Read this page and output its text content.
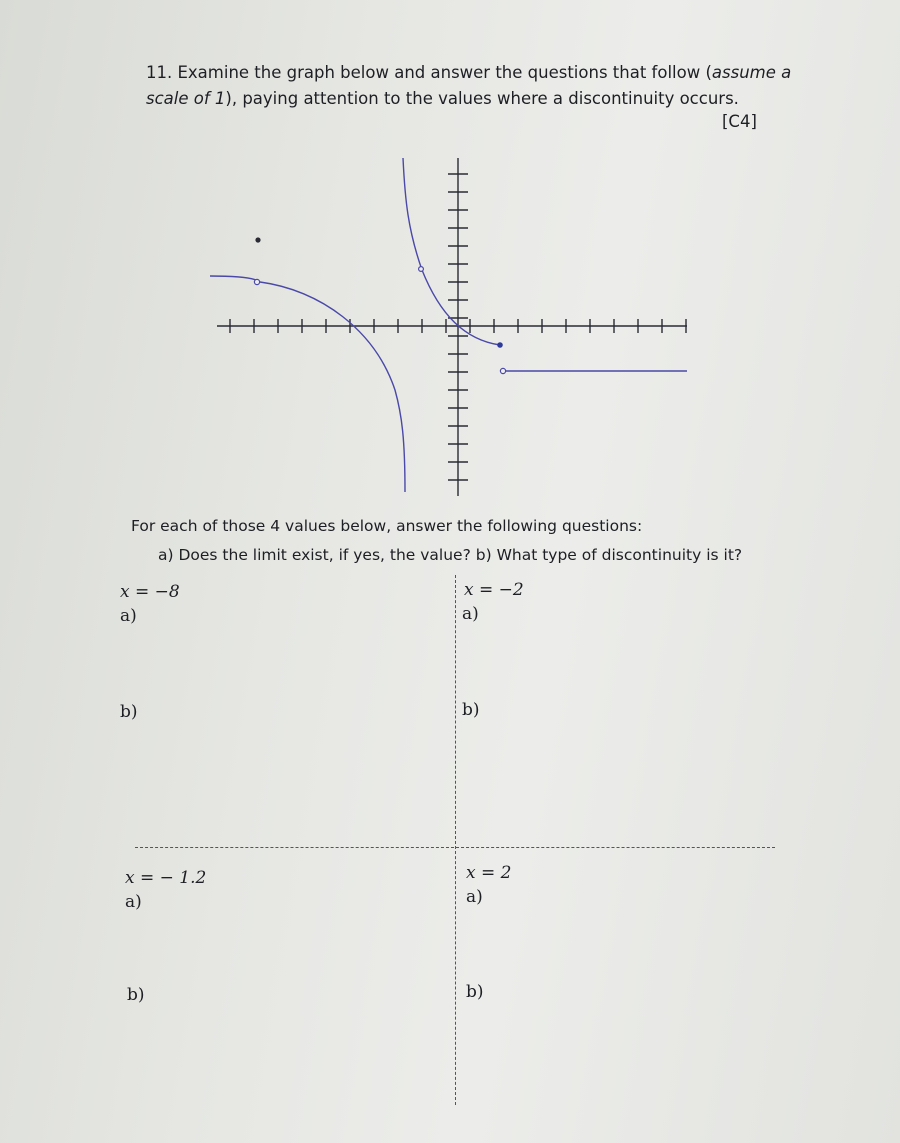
11. Examine the graph below and answer the questions that follow (assume a scale of 1), paying attention to the values where a discontinuity occurs.
[C4]
For each of those 4 values below, answer the following questions:
a) Does the limit exist, if yes, the value? b) What type of discontinuity is it?
x = −8
a)
b)
x = −2
a)
b)
x = − 1.2
a)
b)
x = 2
a)
b)
